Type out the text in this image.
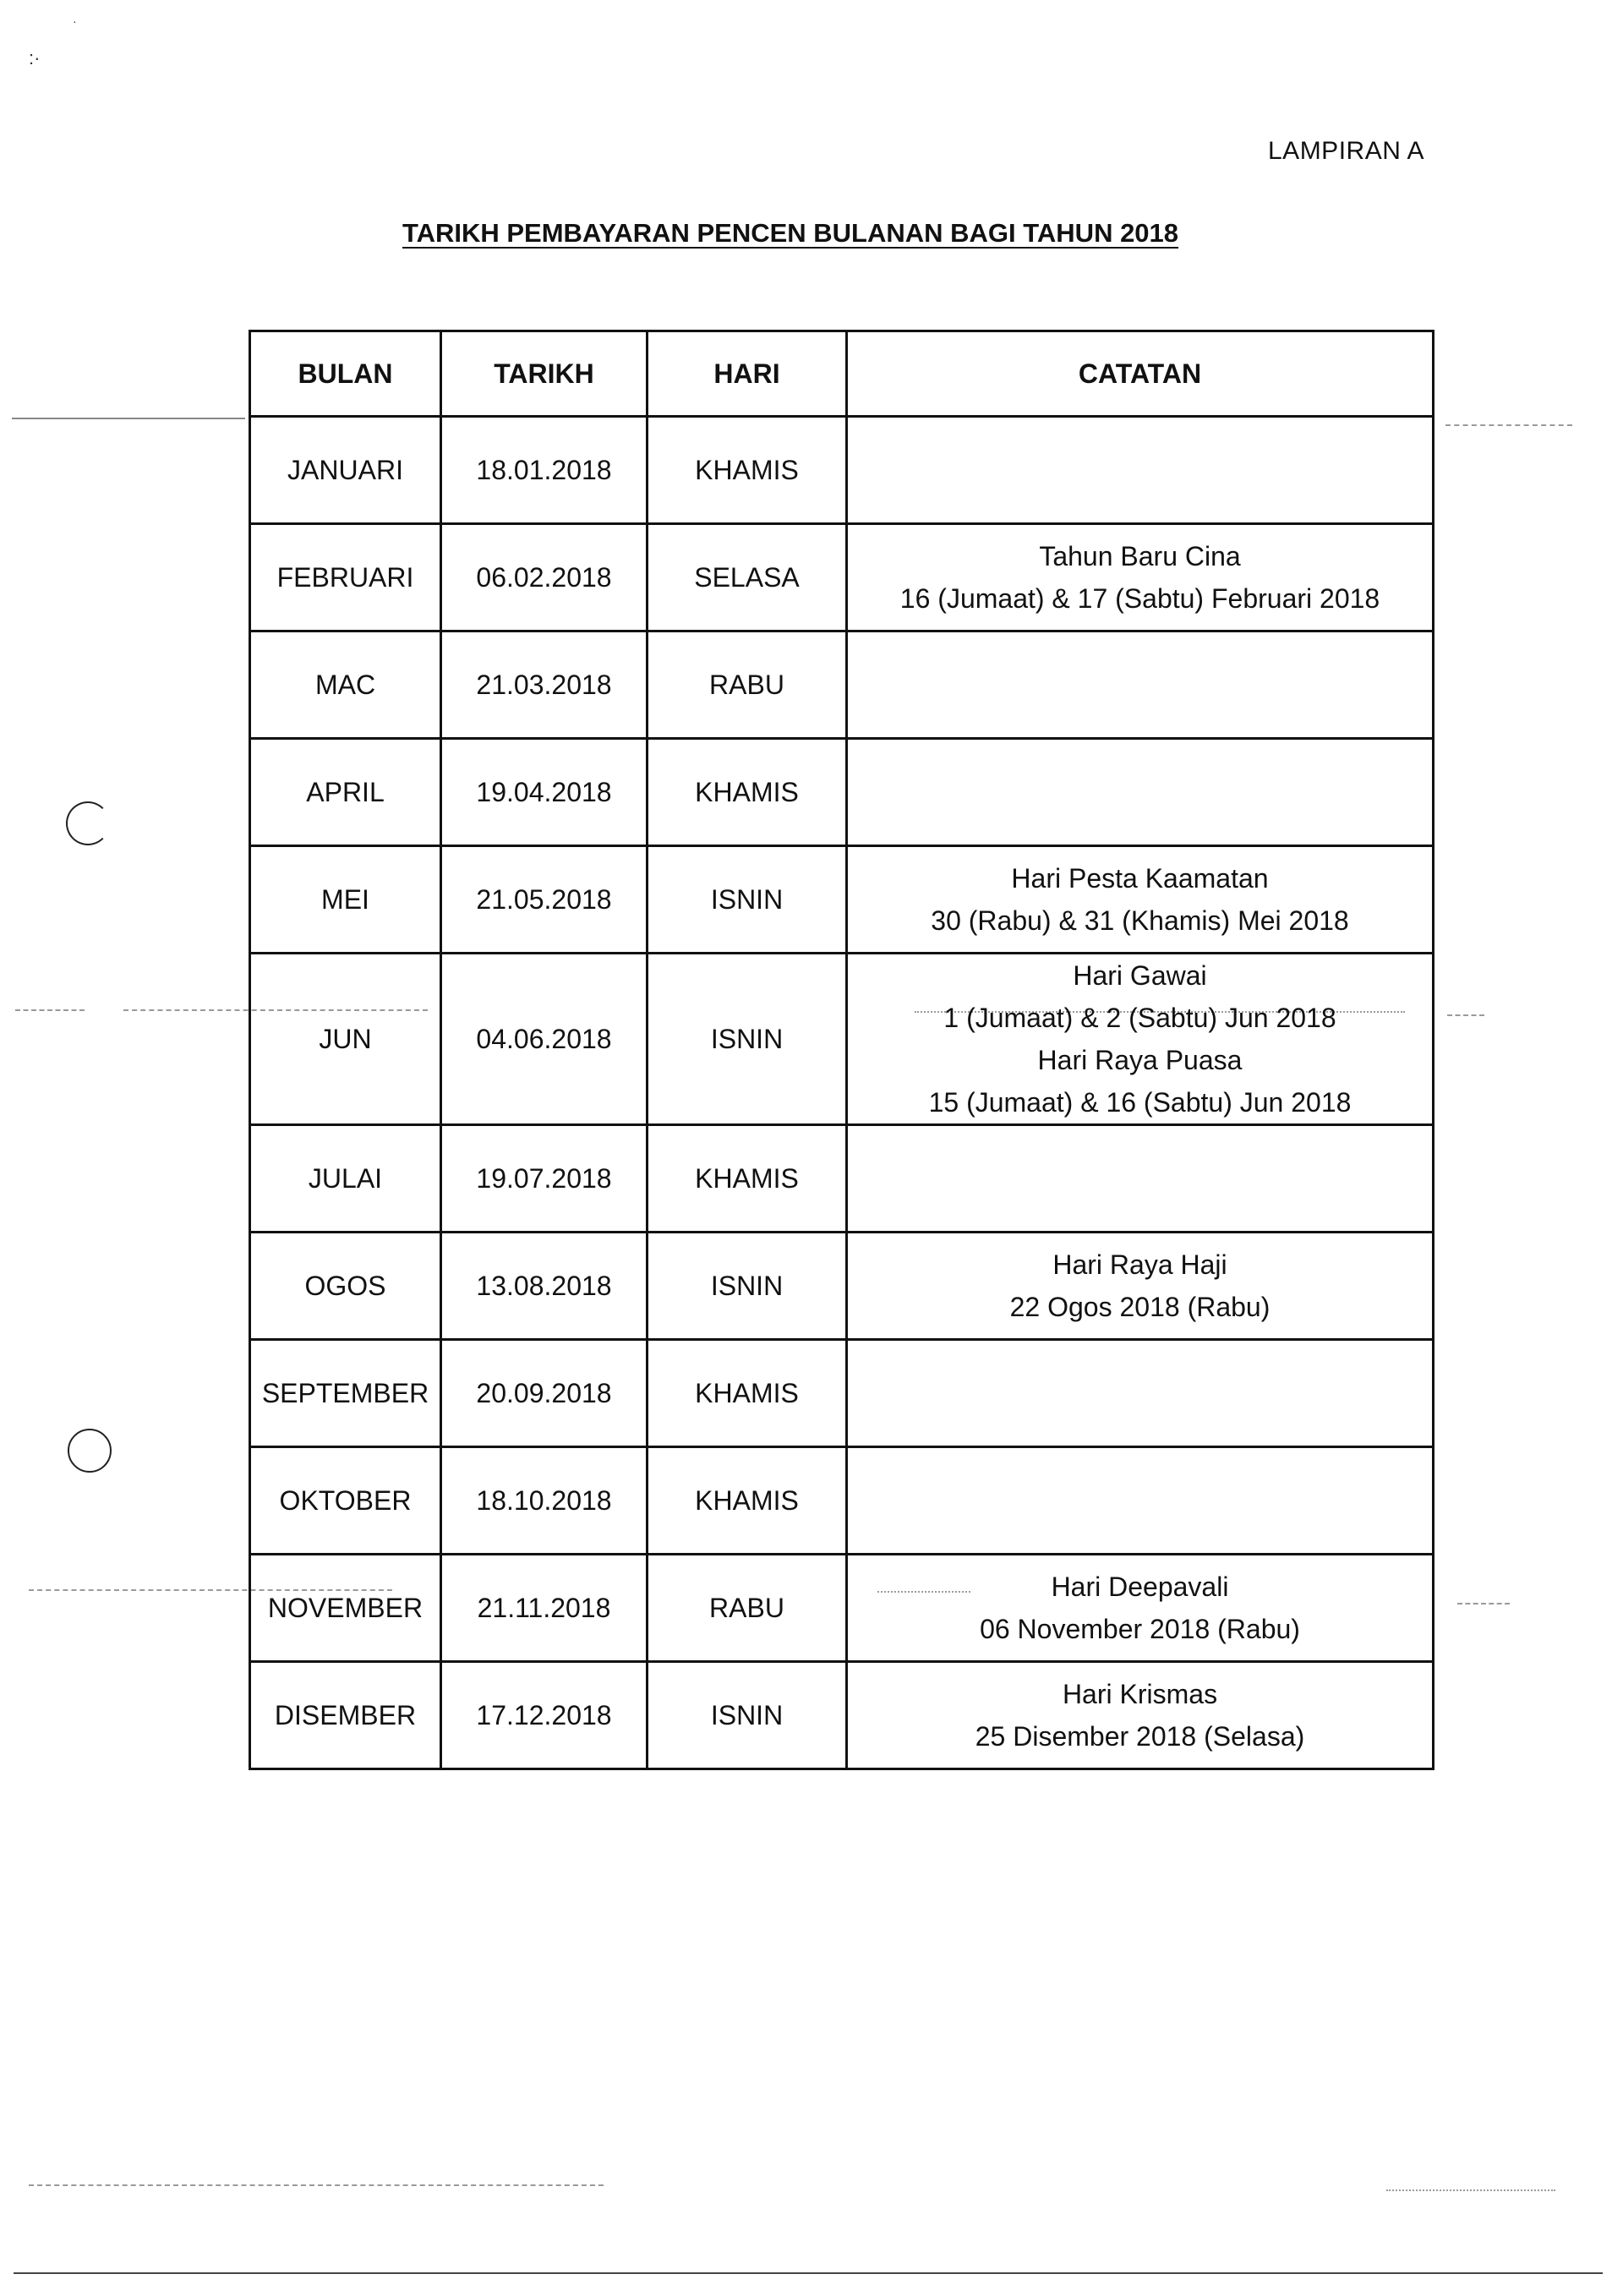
·
:·
LAMPIRAN A
TARIKH PEMBAYARAN PENCEN BULANAN BAGI TAHUN 2018
BULAN	TARIKH	HARI	CATATAN
JANUARI	18.01.2018	KHAMIS	
FEBRUARI	06.02.2018	SELASA	Tahun Baru Cina
16 (Jumaat) & 17 (Sabtu) Februari 2018

MAC	21.03.2018	RABU	
APRIL	19.04.2018	KHAMIS	
MEI	21.05.2018	ISNIN	Hari Pesta Kaamatan
30 (Rabu) & 31 (Khamis) Mei 2018

JUN	04.06.2018	ISNIN	Hari Gawai
1 (Jumaat) & 2 (Sabtu) Jun 2018
Hari Raya Puasa
15 (Jumaat) & 16 (Sabtu) Jun 2018

JULAI	19.07.2018	KHAMIS	
OGOS	13.08.2018	ISNIN	Hari Raya Haji
22 Ogos 2018 (Rabu)

SEPTEMBER	20.09.2018	KHAMIS	
OKTOBER	18.10.2018	KHAMIS	
NOVEMBER	21.11.2018	RABU	Hari Deepavali
06 November 2018 (Rabu)

DISEMBER	17.12.2018	ISNIN	Hari Krismas
25 Disember 2018 (Selasa)
